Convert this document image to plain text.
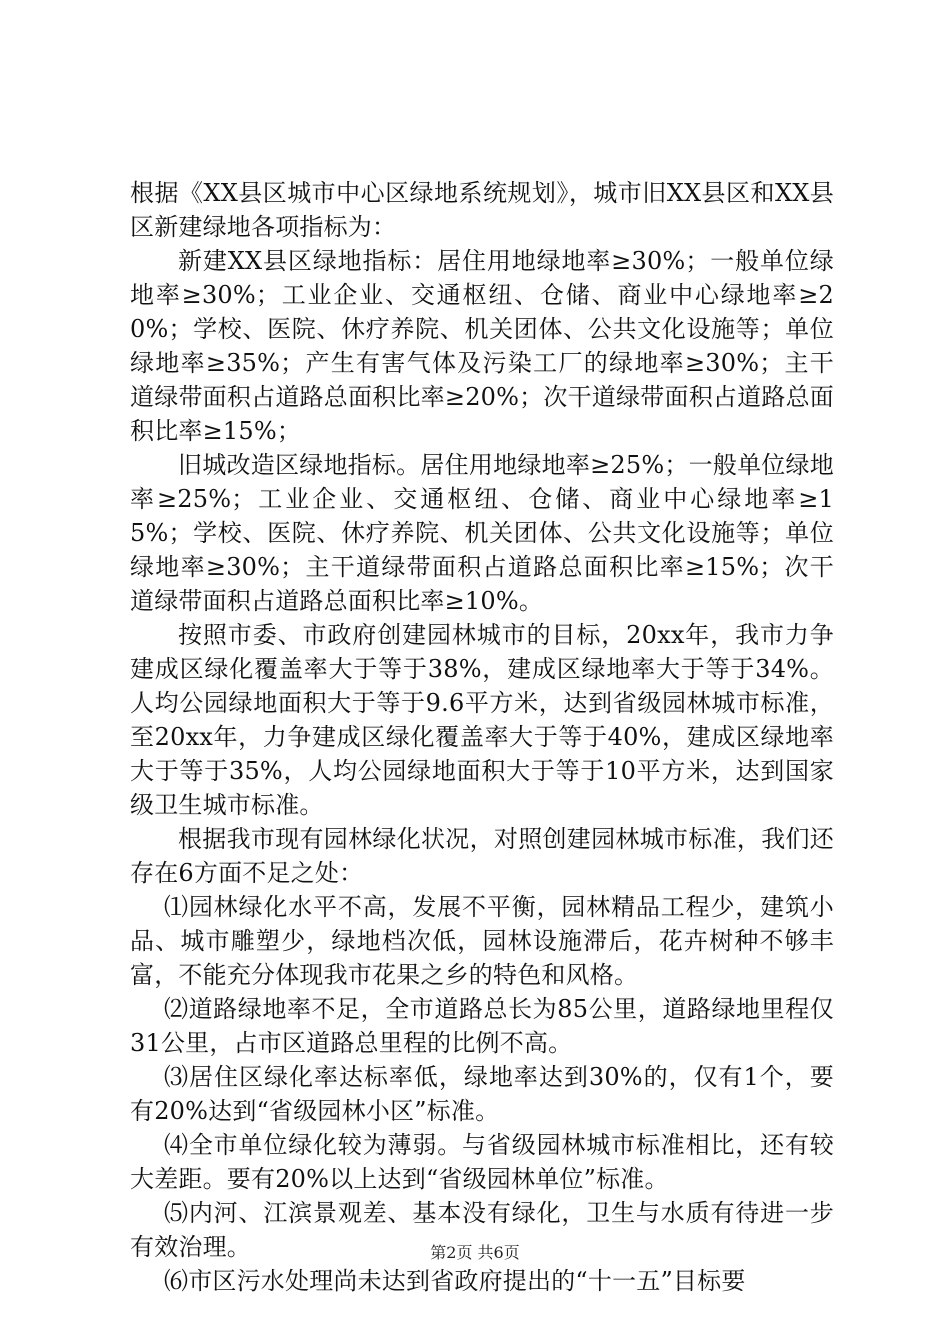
根据《XX县区城市中心区绿地系统规划》，城市旧XX县区和XX县区新建绿地各项指标为：

新建XX县区绿地指标：居住用地绿地率≥30%；一般单位绿地率≥30%；工业企业、交通枢纽、仓储、商业中心绿地率≥20%；学校、医院、休疗养院、机关团体、公共文化设施等；单位绿地率≥35%；产生有害气体及污染工厂的绿地率≥30%；主干道绿带面积占道路总面积比率≥20%；次干道绿带面积占道路总面积比率≥15%；

旧城改造区绿地指标。居住用地绿地率≥25%；一般单位绿地率≥25%；工业企业、交通枢纽、仓储、商业中心绿地率≥15%；学校、医院、休疗养院、机关团体、公共文化设施等；单位绿地率≥30%；主干道绿带面积占道路总面积比率≥15%；次干道绿带面积占道路总面积比率≥10%。

按照市委、市政府创建园林城市的目标，20xx年，我市力争建成区绿化覆盖率大于等于38%，建成区绿地率大于等于34%。人均公园绿地面积大于等于9.6平方米，达到省级园林城市标准，至20xx年，力争建成区绿化覆盖率大于等于40%，建成区绿地率大于等于35%，人均公园绿地面积大于等于10平方米，达到国家级卫生城市标准。

根据我市现有园林绿化状况，对照创建园林城市标准，我们还存在6方面不足之处：

⑴园林绿化水平不高，发展不平衡，园林精品工程少，建筑小品、城市雕塑少，绿地档次低，园林设施滞后，花卉树种不够丰富，不能充分体现我市花果之乡的特色和风格。

⑵道路绿地率不足，全市道路总长为85公里，道路绿地里程仅31公里，占市区道路总里程的比例不高。

⑶居住区绿化率达标率低，绿地率达到30%的，仅有1个，要有20%达到“省级园林小区”标准。

⑷全市单位绿化较为薄弱。与省级园林城市标准相比，还有较大差距。要有20%以上达到“省级园林单位”标准。

⑸内河、江滨景观差、基本没有绿化，卫生与水质有待进一步有效治理。

⑹市区污水处理尚未达到省政府提出的“十一五”目标要

第2页 共6页
